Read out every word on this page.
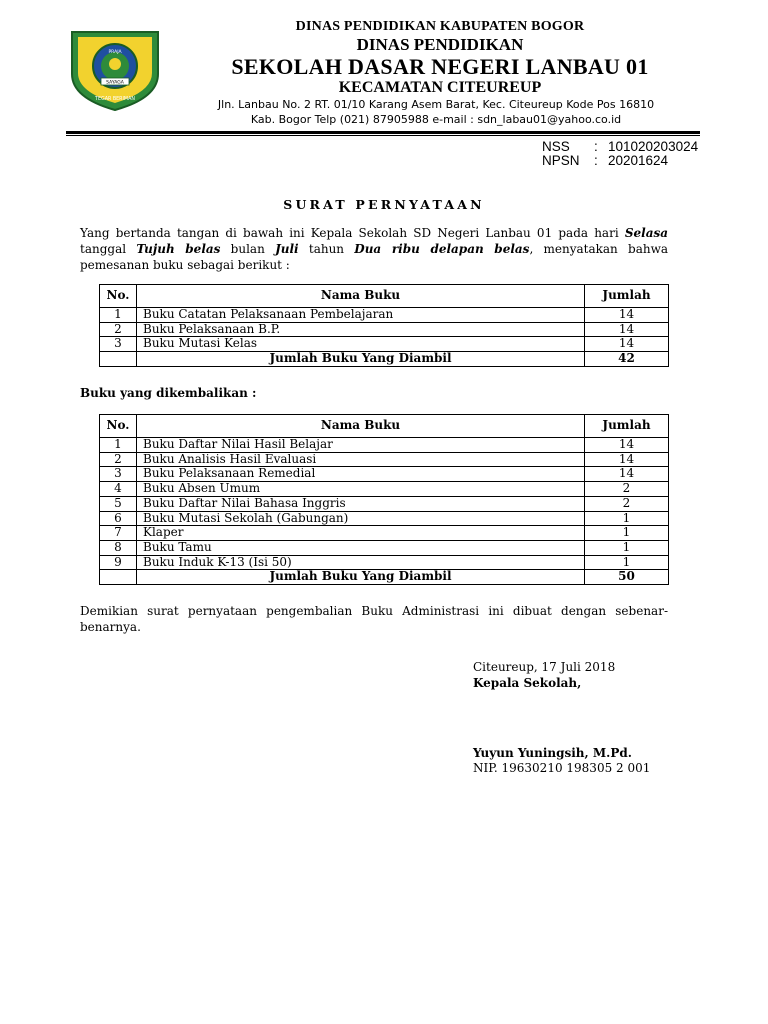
PRAJA
SAYAGA
TEGAR BERIMAN
DINAS PENDIDIKAN KABUPATEN BOGOR
DINAS PENDIDIKAN
SEKOLAH DASAR NEGERI LANBAU 01
KECAMATAN CITEUREUP
Jln. Lanbau No. 2 RT. 01/10 Karang Asem Barat, Kec. Citeureup Kode Pos 16810
Kab. Bogor Telp (021) 87905988 e-mail : sdn_labau01@yahoo.co.id
NSS : 101020203024
NPSN : 20201624
SURAT PERNYATAAN
Yang bertanda tangan di bawah ini Kepala Sekolah SD Negeri Lanbau 01 pada hari Selasa tanggal Tujuh belas bulan Juli tahun Dua ribu delapan belas, menyatakan bahwa pemesanan buku sebagai berikut :
No.	Nama Buku	Jumlah
1	Buku Catatan Pelaksanaan Pembelajaran	14
2	Buku Pelaksanaan B.P.	14
3	Buku Mutasi Kelas	14
	Jumlah Buku Yang Diambil	42
Buku yang dikembalikan :
No.	Nama Buku	Jumlah
1	Buku Daftar Nilai Hasil Belajar	14
2	Buku Analisis Hasil Evaluasi	14
3	Buku Pelaksanaan Remedial	14
4	Buku Absen Umum	2
5	Buku Daftar Nilai Bahasa Inggris	2
6	Buku Mutasi Sekolah (Gabungan)	1
7	Klaper	1
8	Buku Tamu	1
9	Buku Induk K-13 (Isi 50)	1
	Jumlah Buku Yang Diambil	50
Demikian surat pernyataan pengembalian Buku Administrasi ini dibuat dengan sebenar-benarnya.
Citeureup, 17 Juli 2018
Kepala Sekolah,
Yuyun Yuningsih, M.Pd.
NIP. 19630210 198305 2 001
